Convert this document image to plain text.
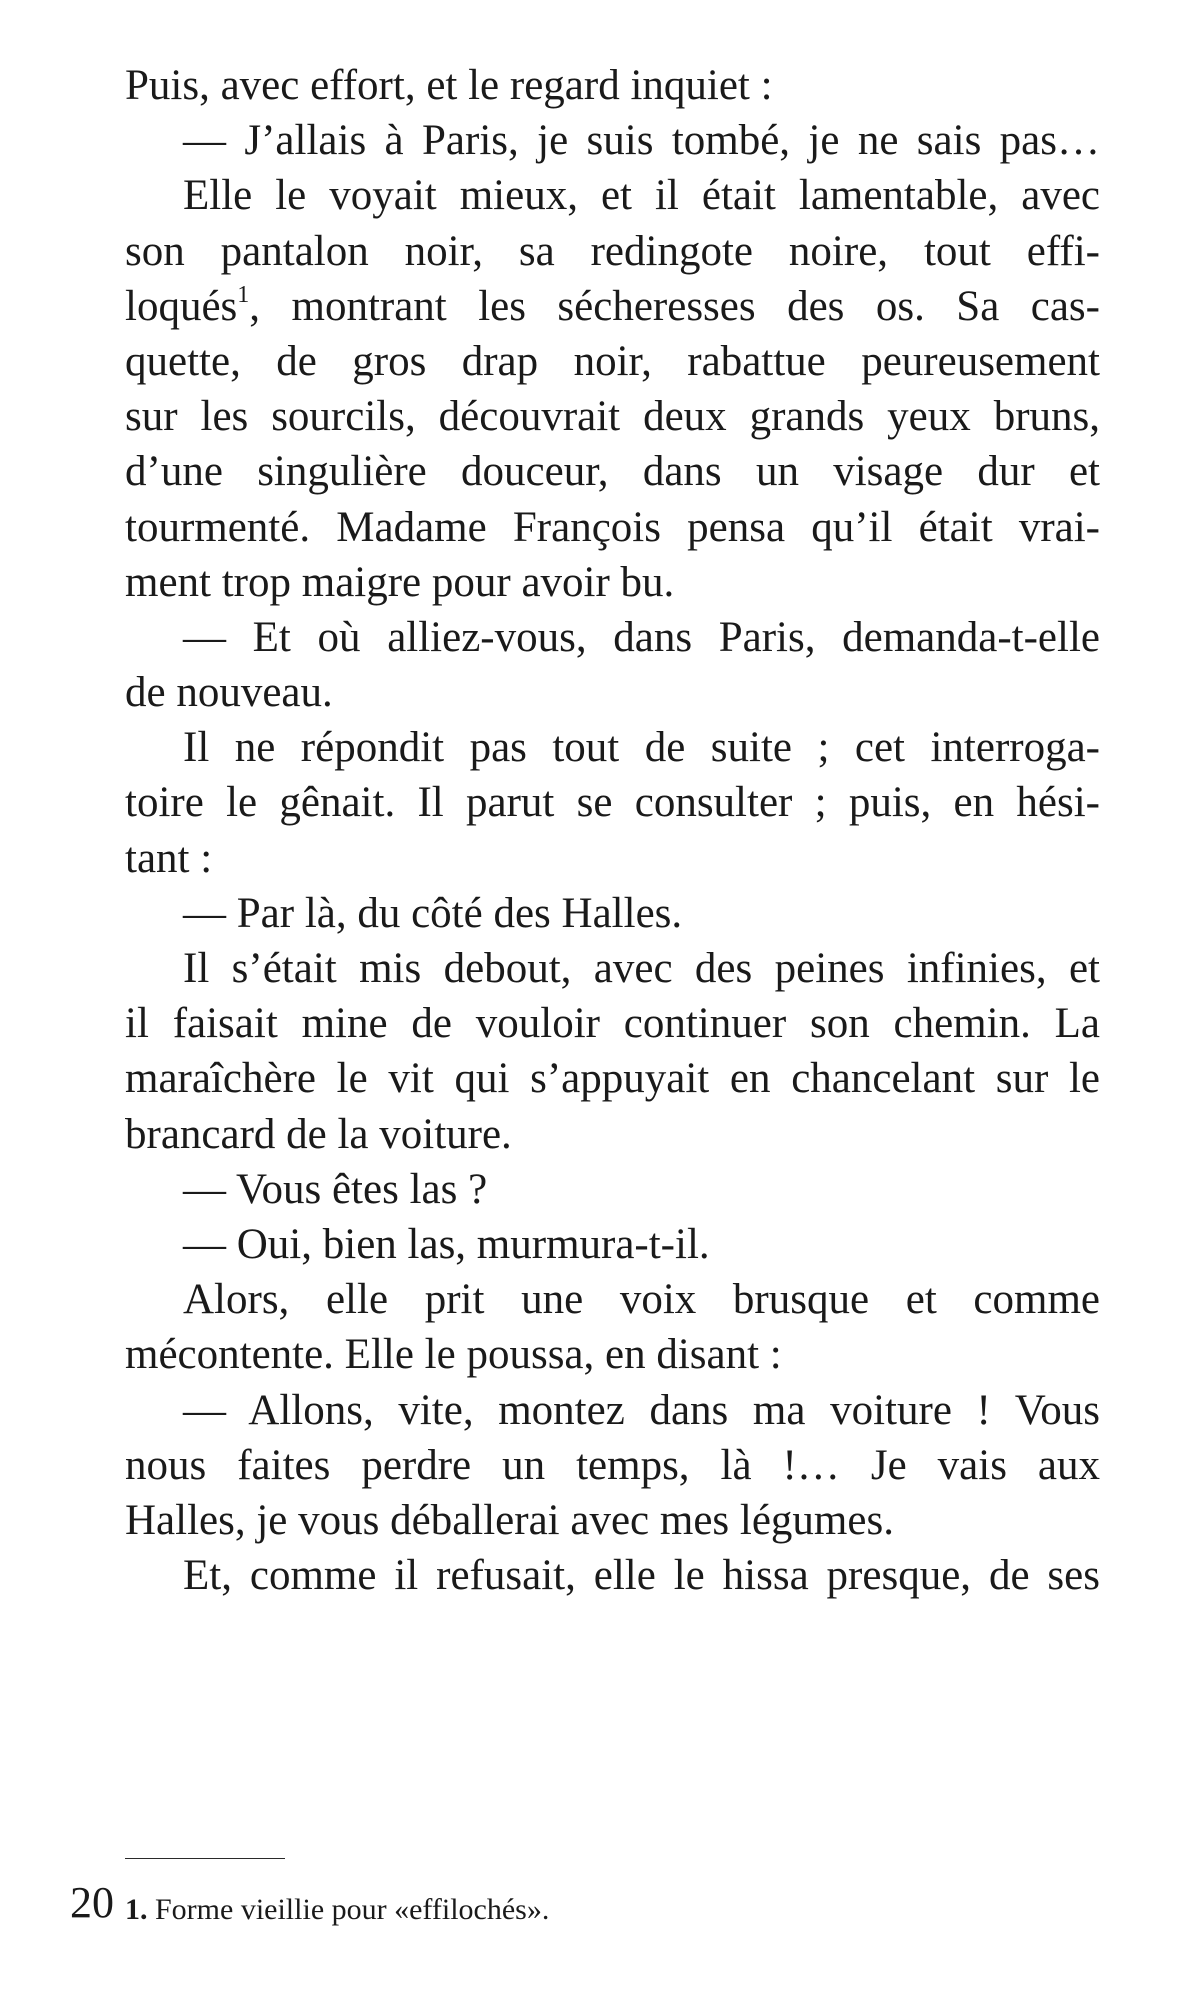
Puis, avec effort, et le regard inquiet :
— J’allais à Paris, je suis tombé, je ne sais pas…
Elle le voyait mieux, et il était lamentable, avec
son pantalon noir, sa redingote noire, tout effi-
loqués$^1$, montrant les sécheresses des os. Sa cas-
quette, de gros drap noir, rabattue peureusement
sur les sourcils, découvrait deux grands yeux bruns,
d’une singulière douceur, dans un visage dur et
tourmenté. Madame François pensa qu’il était vrai-
ment trop maigre pour avoir bu.
— Et où alliez-vous, dans Paris, demanda-t-elle
de nouveau.
Il ne répondit pas tout de suite ; cet interroga-
toire le gênait. Il parut se consulter ; puis, en hési-
tant :
— Par là, du côté des Halles.
Il s’était mis debout, avec des peines infinies, et
il faisait mine de vouloir continuer son chemin. La
maraîchère le vit qui s’appuyait en chancelant sur le
brancard de la voiture.
— Vous êtes las ?
— Oui, bien las, murmura-t-il.
Alors, elle prit une voix brusque et comme
mécontente. Elle le poussa, en disant :
— Allons, vite, montez dans ma voiture ! Vous
nous faites perdre un temps, là !… Je vais aux
Halles, je vous déballerai avec mes légumes.
Et, comme il refusait, elle le hissa presque, de ses
1. Forme vieillie pour «effilochés».
20
